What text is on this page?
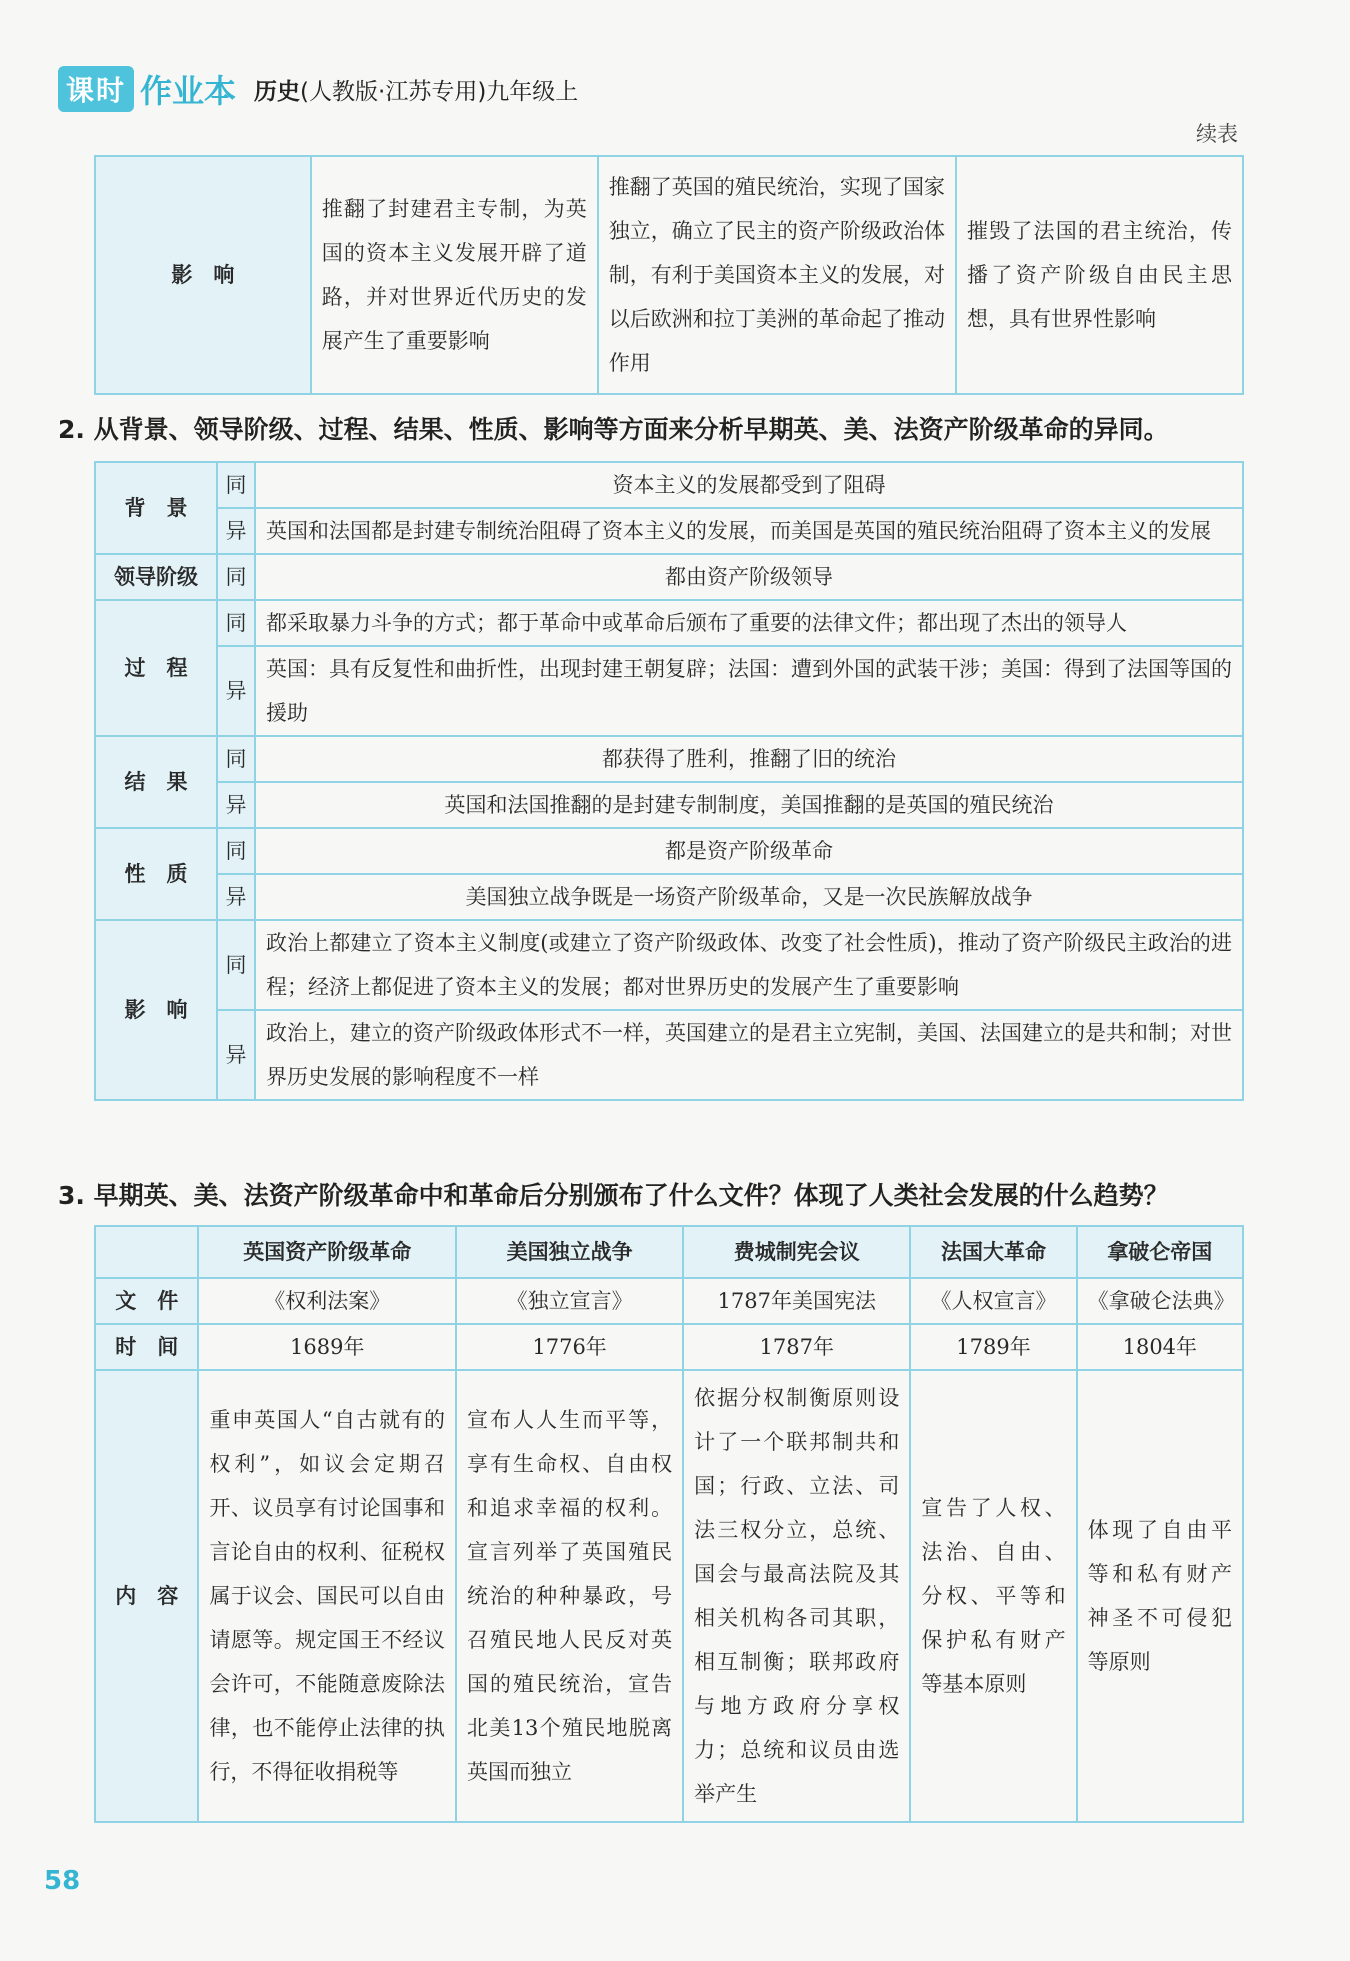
课时 作业本 历史(人教版·江苏专用)九年级上
续表
影　响	推翻了封建君主专制，为英国的资本主义发展开辟了道路，并对世界近代历史的发展产生了重要影响	推翻了英国的殖民统治，实现了国家独立，确立了民主的资产阶级政治体制，有利于美国资本主义的发展，对以后欧洲和拉丁美洲的革命起了推动作用	摧毁了法国的君主统治，传播了资产阶级自由民主思想，具有世界性影响
2. 从背景、领导阶级、过程、结果、性质、影响等方面来分析早期英、美、法资产阶级革命的异同。
背　景	同	资本主义的发展都受到了阻碍
	异	英国和法国都是封建专制统治阻碍了资本主义的发展，而美国是英国的殖民统治阻碍了资本主义的发展
领导阶级	同	都由资产阶级领导
过　程	同	都采取暴力斗争的方式；都于革命中或革命后颁布了重要的法律文件；都出现了杰出的领导人
	异	英国：具有反复性和曲折性，出现封建王朝复辟；法国：遭到外国的武装干涉；美国：得到了法国等国的援助
结　果	同	都获得了胜利，推翻了旧的统治
	异	英国和法国推翻的是封建专制制度，美国推翻的是英国的殖民统治
性　质	同	都是资产阶级革命
	异	美国独立战争既是一场资产阶级革命，又是一次民族解放战争
影　响	同	政治上都建立了资本主义制度(或建立了资产阶级政体、改变了社会性质)，推动了资产阶级民主政治的进程；经济上都促进了资本主义的发展；都对世界历史的发展产生了重要影响
	异	政治上，建立的资产阶级政体形式不一样，英国建立的是君主立宪制，美国、法国建立的是共和制；对世界历史发展的影响程度不一样
3. 早期英、美、法资产阶级革命中和革命后分别颁布了什么文件？体现了人类社会发展的什么趋势？
	英国资产阶级革命	美国独立战争	费城制宪会议	法国大革命	拿破仑帝国
文　件	《权利法案》	《独立宣言》	1787年美国宪法	《人权宣言》	《拿破仑法典》
时　间	1689年	1776年	1787年	1789年	1804年
内　容	重申英国人“自古就有的权利”，如议会定期召开、议员享有讨论国事和言论自由的权利、征税权属于议会、国民可以自由请愿等。规定国王不经议会许可，不能随意废除法律，也不能停止法律的执行，不得征收捐税等	宣布人人生而平等，享有生命权、自由权和追求幸福的权利。宣言列举了英国殖民统治的种种暴政，号召殖民地人民反对英国的殖民统治，宣告北美13个殖民地脱离英国而独立	依据分权制衡原则设计了一个联邦制共和国；行政、立法、司法三权分立，总统、国会与最高法院及其相关机构各司其职，相互制衡；联邦政府与地方政府分享权力；总统和议员由选举产生	宣告了人权、法治、自由、分权、平等和保护私有财产等基本原则	体现了自由平等和私有财产神圣不可侵犯等原则
58
